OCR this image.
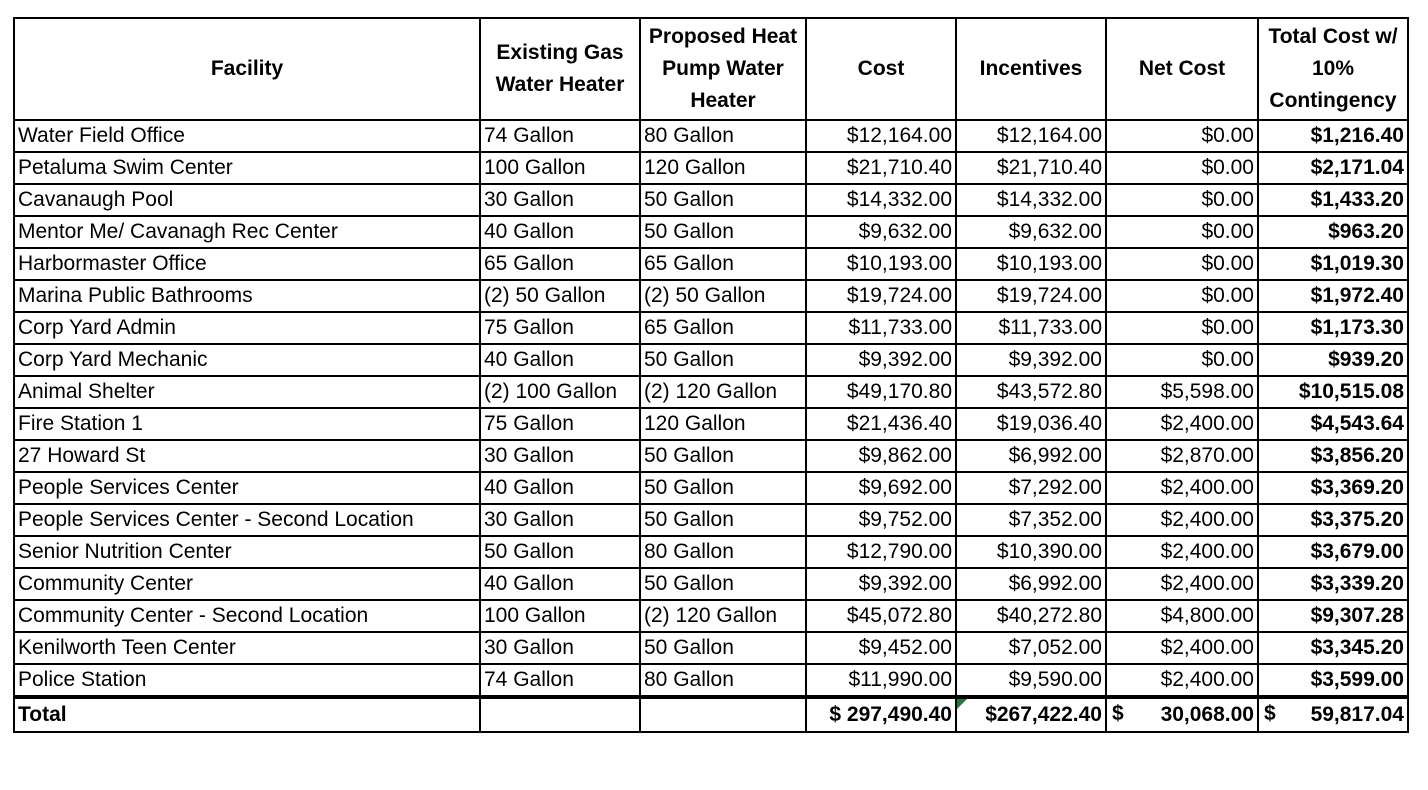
Facility	Existing Gas Water Heater	Proposed Heat Pump Water Heater	Cost	Incentives	Net Cost	Total Cost w/ 10% Contingency
Water Field Office	74 Gallon	80 Gallon	$12,164.00	$12,164.00	$0.00	$1,216.40
Petaluma Swim Center	100 Gallon	120 Gallon	$21,710.40	$21,710.40	$0.00	$2,171.04
Cavanaugh Pool	30 Gallon	50 Gallon	$14,332.00	$14,332.00	$0.00	$1,433.20
Mentor Me/ Cavanagh Rec Center	40 Gallon	50 Gallon	$9,632.00	$9,632.00	$0.00	$963.20
Harbormaster Office	65 Gallon	65 Gallon	$10,193.00	$10,193.00	$0.00	$1,019.30
Marina Public Bathrooms	(2) 50 Gallon	(2) 50 Gallon	$19,724.00	$19,724.00	$0.00	$1,972.40
Corp Yard Admin	75 Gallon	65 Gallon	$11,733.00	$11,733.00	$0.00	$1,173.30
Corp Yard Mechanic	40 Gallon	50 Gallon	$9,392.00	$9,392.00	$0.00	$939.20
Animal Shelter	(2) 100 Gallon	(2) 120 Gallon	$49,170.80	$43,572.80	$5,598.00	$10,515.08
Fire Station 1	75 Gallon	120 Gallon	$21,436.40	$19,036.40	$2,400.00	$4,543.64
27 Howard St	30 Gallon	50 Gallon	$9,862.00	$6,992.00	$2,870.00	$3,856.20
People Services Center	40 Gallon	50 Gallon	$9,692.00	$7,292.00	$2,400.00	$3,369.20
People Services Center - Second Location	30 Gallon	50 Gallon	$9,752.00	$7,352.00	$2,400.00	$3,375.20
Senior Nutrition Center	50 Gallon	80 Gallon	$12,790.00	$10,390.00	$2,400.00	$3,679.00
Community Center	40 Gallon	50 Gallon	$9,392.00	$6,992.00	$2,400.00	$3,339.20
Community Center - Second Location	100 Gallon	(2) 120 Gallon	$45,072.80	$40,272.80	$4,800.00	$9,307.28
Kenilworth Teen Center	30 Gallon	50 Gallon	$9,452.00	$7,052.00	$2,400.00	$3,345.20
Police Station	74 Gallon	80 Gallon	$11,990.00	$9,590.00	$2,400.00	$3,599.00
Total			$ 297,490.40	$267,422.40	$ 30,068.00	$ 59,817.04
